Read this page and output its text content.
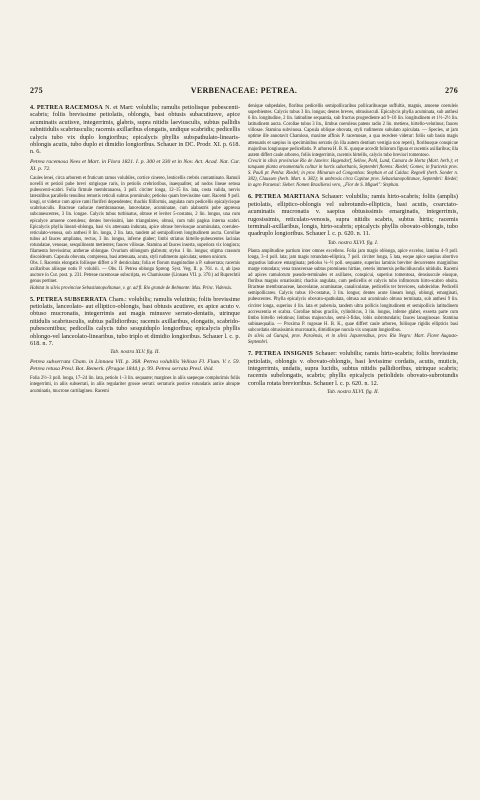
275	VERBENACEAE: PETREA.	276

4. PETREA RACEMOSA N. et Mart: volubilis; ramulis petiolisque pubescenti-scabris; foliis brevissime petiolatis, oblongis, basi obtusis subacutiusve, apice acuminatis acutisve, integerrimis, glabris, supra nitidis laeviusculis, subtus pallidis subnitidulis scabriusculis; racemis axillaribus elongatis, undique scabridis; pedicellis calycis tubo vix duplo longioribus; epicalycis phyllis subspathulato-linearis-oblongis acutis, tubo duplo et dimidio longioribus. Schauer in DC. Prodr. XI. p. 618. n. 6.

Petrea racemosa Nees et Mart. in Flora 1821. I. p. 300 et 330 et in Nov. Act. Acad. Nat. Cur. XI. p. 72.

Caules lenei, circa arborem et fruticum ramos volubiles, cortice cinereo, lenticellis crebris contaminato. Ramuli novelli et petioli pube brevi strigisque raris, in petiolis crebrioribus, inaequaliter, ad nodos lineae setosa pubescenti-scabri. Folia firmule membranacea, 3 poll. circiter longa, 12–15 lin. lata, costa valida, nervis lateralibus parallelis tenuibus remotis reticuli subtus prominulo; petiolus quam brevissime sunt. Racemi 9 poll. longi, ut videtur cum apice rami floriferi dependentes; rhachis filiformis, angulata cum pedicellis epicalycisque scabriusculis. Bracteae caducae membranaceae, lanceolatae, acuminatae, cum alabastris pube appressa subcanescentes, 3 lin. longae. Calycis tubus turbinatus, obtuse et leviter 5-costatus, 2 lin. longus, una cum epicalyce amoene coeruleus; dentes brevissimi, late triangulares, obtusi, cum tubi pagina interna scabri. Epicalycis phylla lineari-oblonga, basi vix attenuata indurata, apice obtuse breviusque acuminulata, coeruleo-reticulato-venosa, sub anthesi 8 lin. longa, 2 lin. lata, tandem ad semipollicem longitudinem aucta. Corollae tubus ad fauces ampliatus, rectus, 3 lin. longus, inferne glaber; limbi striatus hirtello-pubescentes lacinias rotundatae, venosae, sesquilineam metientes; fauces villosae. Stamina ad fauces inserta, superiora vix longiora; filamenta brevissima; antherae oblongae. Ovarium oblongum glabrum; stylus 1 lin. longus; stigma crassum discoideum. Capsula obovata, compressa, basi attenuata, acuta, styli rudimento apiculata; semen unicum.

Obs. I. Racemis elongatis foliisque differt a P. denticulata; folia et florum magnitudine a P. subserrata; racemis axillaribus aliisque notis P. volubili. — Obs. II. Petrea oblonga Spreng. Syst. Veg. II. p. 761. n. 4, ab ipso auctore in Cur. post. p. 231. Petreae racemosae subscripta, ex Chamissone (Linnaea VII. p. 370.) ad Ruprechtii genus pertinet.

Habitat in silvis provinciae Sebastianopolitanae, v. gr. ad fl. Rio grande de Belmonte: Max. Princ. Vidensis.

5. PETREA SUBSERRATA Cham.: volubilis; ramulis velutinis; foliis brevissime petiolatis, lanceolato- aut elliptico-oblongis, basi obtusis acutisve, ex apice acuto v. obtuso mucronatis, integerrimis aut magis minusve serrato-dentatis, utrinque nitidulis scabriusculis, subtus pallidioribus; racemis axillaribus, elongatis, scabrido-pubescentibus; pedicellis calycis tubo sesquiduplo longioribus; epicalycis phyllis oblongo-vel lanceolato-linearibus, tubo triplo et dimidio longioribus. Schauer l. c. p. 618. n. 7.

Tab. nostra XLV. fig. II.

Petrea subserrata Cham. in Linnaea VII. p. 368. Petrea volubilis Vellozo Fl. Flum. V. t. 59. Petrea retusa Presl. Bot. Bemerk. (Pragae 1844.) p. 99. Petrea serrata Presl. ibid.

Folia 2½–3 poll. longa, 17–24 lin. lata, petiolo 1–3 lin. sequante; margines in aliis saepeque complurimis foliis integerrimi, in aliis subserrati, in aliis regulariter grosse serrati: serraturis postice rotundatis antice abrupte acuminatis, mucrone cartilagineo. Racemi

denique subpedales, floribus pedicellis semipollicaribus pollicaribusque suffultis, magnis, amoene coeruleis superbientes. Calycis tubus 3 lin. longus; dentes breves, obtusiusculi. Epicalycis phylla acuminata, sub anthesi 6 lin. longitudine, 2 lin. latitudine sequantia, sub fructus progrediente ad 9–10 lin. longitudinem et 1½–2½ lin. latitudinem aucta. Corollae tubus 3 lin., limbus coeruleus patens radio 2 lin. metiens, hirtello-velutinus; fauces villosae. Stamina subvinosa. Capsula oblique obovata, styli rudimento subulato apiculata. — Species, ut jam optime ille annotavit Chamisso, maxime affinis P. racemosae, a qua recedere videtur: foliis sub basin magis attenuatis et saepius in speciminibus serratis (in illa autem dentium vestigia non reperi), floribusque conspicue majoribus longiusque pedicellatis. P. arborea H. B. K. quoque accedit foliorum figura et racemis axillaribus; illa autem differt caule arboreo, foliis integerrimis, racemis hirtellis, calycis tubo breviori tomentoso.

Crescit in silvis provinciae Rio de Janeiro: Hagendorf, Sellow, Pohl, Lund, Camara de Horta (Mart. herb.); et tanquam planta ornamentalis colitur in hortis suburbanis, Septembri florens: Riedel; Gomes; in fruticetis prov. S. Pauli pr. Penha: Riedel; in prov. Minarum ad Congonhas: Stephan et ad Caldas: Regnell (herb. Sonder n. 382), Claussen (herb. Mart. n. 382); in umbrosis circa Capitae prov. Sebastianopolitanae, Septembri: Riedel; in agro Paraensi: Sieber. Nomen Brasiliensi vero, „Flor de S. Miguel": Stephan.

6. PETREA MARTIANA Schauer: volubilis; ramis hirto-scabris; foliis (amplis) petiolatis, elliptico-oblongis vel subrotundo-ellipticis, basi acutis, coarctato-acuminatis mucronatis v. saepius obtusissimis emarginatis, integerrimis, rugosissimis, reticulato-venosis, supra nitidis scabris, subtus hirtis; racemis terminali-axillaribus, longis, hirto-scabris; epicalycis phyllis obovato-oblongis, tubo quadruplo longioribus. Schauer l. c. p. 620. n. 11.

Tab. nostra XLVI. fig. I.

Planta amplitudine partium inter omnes excellens. Folia jam magis oblonga, apice excelso, lamina 4–9 poll. longa, 3–4 poll. lata; jam magis rotundato-elliptica, 7 poll. circiter longa, 5 lata, eoque apice saepius abortivo angustius latiusve emarginata; petiolus ¼–½ poll. sequante, superius laminis breviter decurrentes marginibus marge rotundata; vena transversae subtus prominens hirtiae, ceteris immersis pellucidiusculis nitidulis. Racemi ad apices ramulorum pseudo-terminales et axillares, conspicui, superius tomentosa, densiuscule eiusque, floribus magnis ornatissimi; rhachis angulata, cum pedicellis et calycis tubo infimorum hirto-scabro obsita. Bracteae membranaceae, lanceolatae, acuminatae, canaliculatae, pedicellis ter breviores, subdecidue. Pedicelli semipollicares. Calycis tubus 10-costatus, 3 lin. longus; dentes acute lineam longi, oblongi, emarginati, pubescentes. Phylla epicalycis obovato-spathulata, obtusa aut acuminulo obtuso terminata, sub anthesi 9 lin. circiter longa, superius 4 lin. lata et puberula, tandem ultra pollicis longitudinem et semipollicis latitudinem accrescentia et scabra. Corollae tubus gracilis, cylindricus, 3 lin. longus, inferne glaber, exserta parte cum limbo hirtello velutinus; limbus majusculus, semi-3-fidus, lobis subrotundatis; fauces lanuginosae. Stamina subinaequalia. — Proxima P. rugosae H. B. K., quae differt caule arboreo, foliisque rigidis ellipticis basi subcordatis obtusissimis mucronatis, dimidiisque nucula vix unquam longioribus.

In silvis ad Gurupá, prov. Paraënsis, et in silvis Japurensibus, prov. Rio Negro: Mart. Floret Augusto-Septembri.

7. PETREA INSIGNIS Schauer: volubilis; ramis hirto-scabris; foliis brevissime petiolatis, oblongis v. obovato-oblongis, basi levissime cordatis, acutis, muticis, integerrimis, undatis, supra lucidis, subtus nitidis pallidioribus, utrinque scabris; racemis subelongatis, scabris; phyllis epicalycis petiolideis obovato-subrotundis corolla rotata brevioribus. Schauer l. c. p. 620. n. 12.

Tab. nostra XLVI. fig. II.
